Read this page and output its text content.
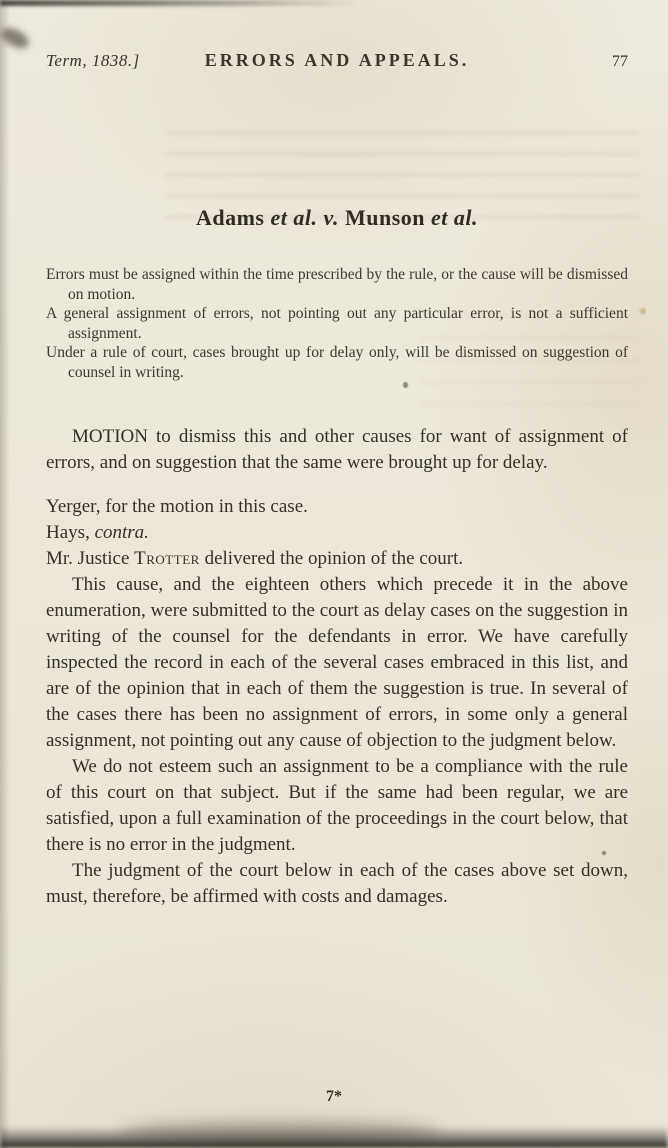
Term, 1838.]	ERRORS AND APPEALS.	77
Adams et al. v. Munson et al.

Errors must be assigned within the time prescribed by the rule, or the cause will be dismissed on motion.

A general assignment of errors, not pointing out any particular error, is not a sufficient assignment.

Under a rule of court, cases brought up for delay only, will be dismissed on suggestion of counsel in writing.

MOTION to dismiss this and other causes for want of assignment of errors, and on suggestion that the same were brought up for delay.

Yerger, for the motion in this case.

Hays, contra.

Mr. Justice Trotter delivered the opinion of the court.

This cause, and the eighteen others which precede it in the above enumeration, were submitted to the court as delay cases on the suggestion in writing of the counsel for the defendants in error. We have carefully inspected the record in each of the several cases embraced in this list, and are of the opinion that in each of them the suggestion is true. In several of the cases there has been no assignment of errors, in some only a general assignment, not pointing out any cause of objection to the judgment below.

We do not esteem such an assignment to be a compliance with the rule of this court on that subject. But if the same had been regular, we are satisfied, upon a full examination of the proceedings in the court below, that there is no error in the judgment.

The judgment of the court below in each of the cases above set down, must, therefore, be affirmed with costs and damages.

7*
